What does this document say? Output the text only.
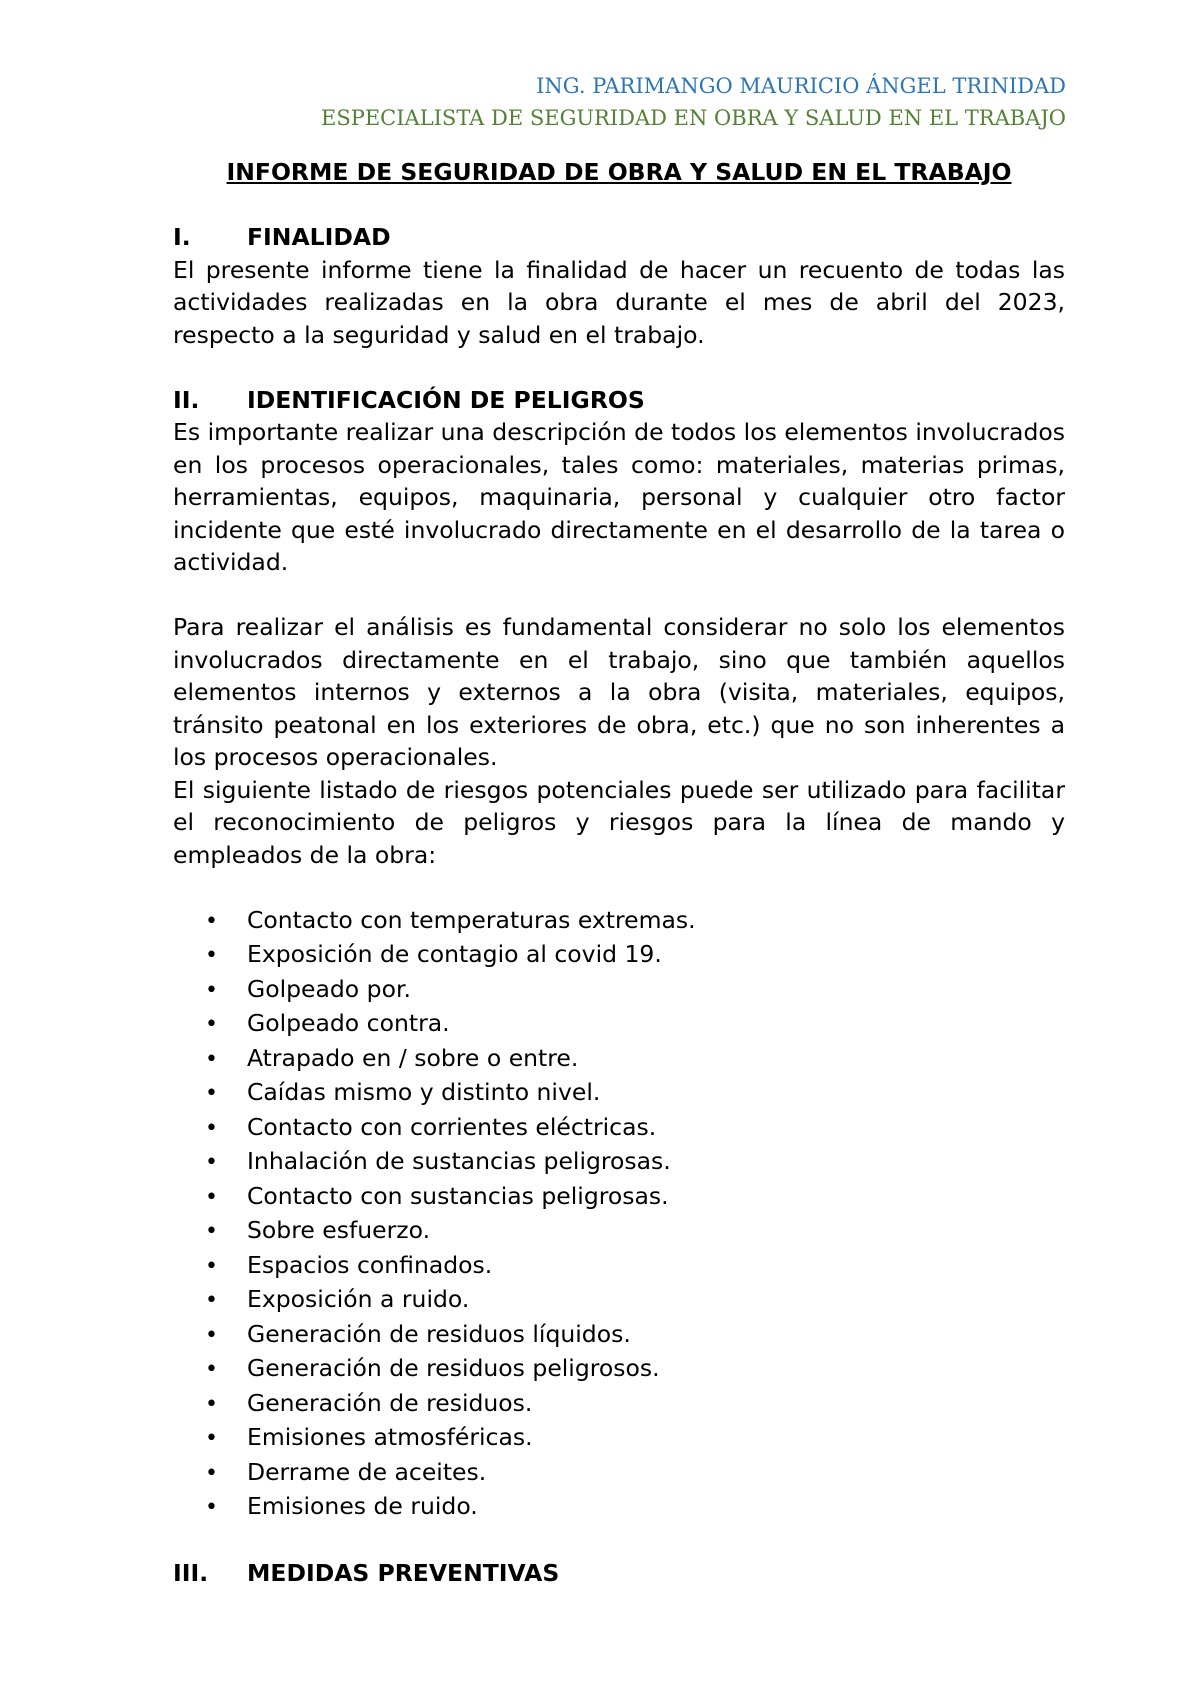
ING. PARIMANGO MAURICIO ÁNGEL TRINIDAD
ESPECIALISTA DE SEGURIDAD EN OBRA Y SALUD EN EL TRABAJO

INFORME DE SEGURIDAD DE OBRA Y SALUD EN EL TRABAJO

I.	FINALIDAD

El presente informe tiene la finalidad de hacer un recuento de todas las actividades realizadas en la obra durante el mes de abril del 2023, respecto a la seguridad y salud en el trabajo.

II.	IDENTIFICACIÓN DE PELIGROS

Es importante realizar una descripción de todos los elementos involucrados en los procesos operacionales, tales como: materiales, materias primas, herramientas, equipos, maquinaria, personal y cualquier otro factor incidente que esté involucrado directamente en el desarrollo de la tarea o actividad.

Para realizar el análisis es fundamental considerar no solo los elementos involucrados directamente en el trabajo, sino que también aquellos elementos internos y externos a la obra (visita, materiales, equipos, tránsito peatonal en los exteriores de obra, etc.) que no son inherentes a los procesos operacionales.

El siguiente listado de riesgos potenciales puede ser utilizado para facilitar el reconocimiento de peligros y riesgos para la línea de mando y empleados de la obra:

•	Contacto con temperaturas extremas.
•	Exposición de contagio al covid 19.
•	Golpeado por.
•	Golpeado contra.
•	Atrapado en / sobre o entre.
•	Caídas mismo y distinto nivel.
•	Contacto con corrientes eléctricas.
•	Inhalación de sustancias peligrosas.
•	Contacto con sustancias peligrosas.
•	Sobre esfuerzo.
•	Espacios confinados.
•	Exposición a ruido.
•	Generación de residuos líquidos.
•	Generación de residuos peligrosos.
•	Generación de residuos.
•	Emisiones atmosféricas.
•	Derrame de aceites.
•	Emisiones de ruido.
III.	MEDIDAS PREVENTIVAS
